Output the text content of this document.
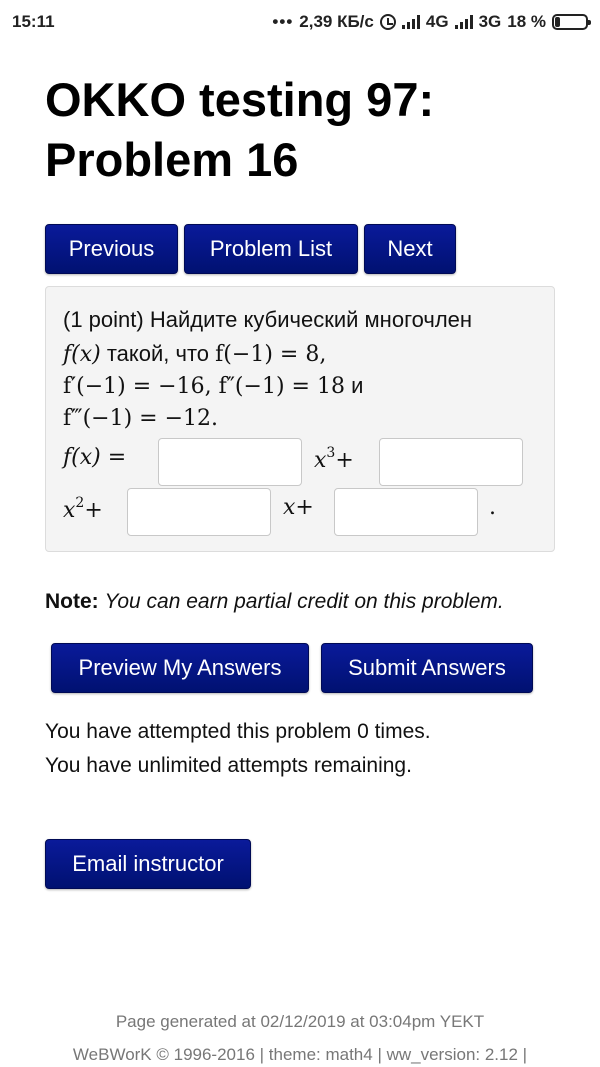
15:11	••• 2,39 КБ/с	4G 3G 18 %
OKKO testing 97: Problem 16
Previous	Problem List	Next
(1 point) Найдите кубический многочлен
f(x) такой, что f(−1) = 8,
f′(−1) = −16, f″(−1) = 18 и
f‴(−1) = −12.
f(x) =	$x^3+$
$x^2+$	x+	.
Note: You can earn partial credit on this problem.
Preview My Answers	Submit Answers
You have attempted this problem 0 times.
You have unlimited attempts remaining.
Email instructor
Page generated at 02/12/2019 at 03:04pm YEKT
WeBWorK © 1996-2016 | theme: math4 | ww_version: 2.12 |
